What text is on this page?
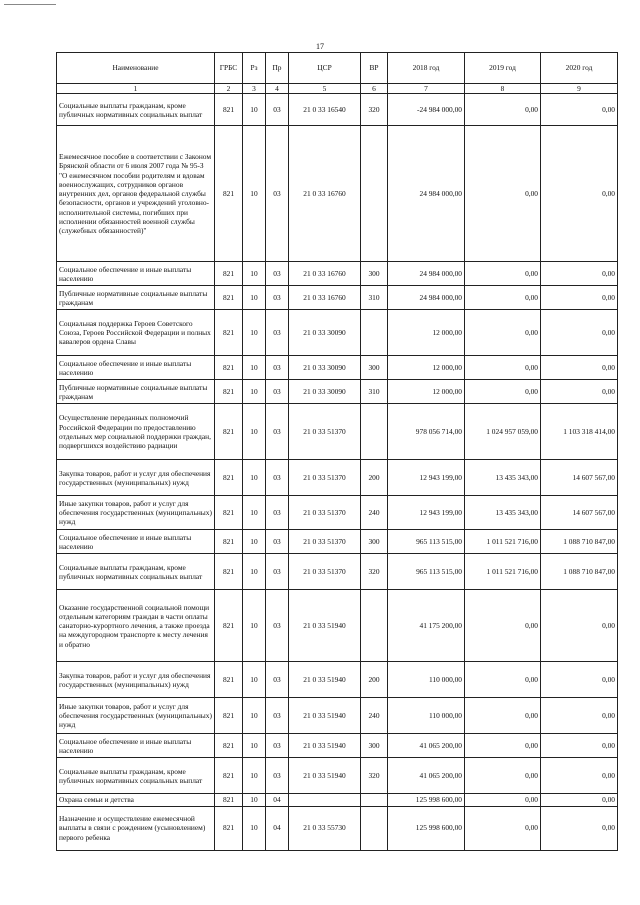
17
Наименование	ГРБС	Рз	Пр	ЦСР	ВР	2018 год	2019 год	2020 год
1	2	3	4	5	6	7	8	9
Социальные выплаты гражданам, кроме публичных нормативных социальных выплат	821	10	03	21 0 33 16540	320	-24 984 000,00	0,00	0,00
Ежемесячное пособие в соответствии с Законом Брянской области от 6 июля 2007 года № 95-З "О ежемесячном пособии родителям и вдовам военнослужащих, сотрудников органов внутренних дел, органов федеральной службы безопасности, органов и учреждений уголовно-исполнительной системы, погибших при исполнении обязанностей военной службы (служебных обязанностей)"	821	10	03	21 0 33 16760		24 984 000,00	0,00	0,00
Социальное обеспечение и иные выплаты населению	821	10	03	21 0 33 16760	300	24 984 000,00	0,00	0,00
Публичные нормативные социальные выплаты гражданам	821	10	03	21 0 33 16760	310	24 984 000,00	0,00	0,00
Социальная поддержка Героев Советского Союза, Героев Российской Федерации и полных кавалеров ордена Славы	821	10	03	21 0 33 30090		12 000,00	0,00	0,00
Социальное обеспечение и иные выплаты населению	821	10	03	21 0 33 30090	300	12 000,00	0,00	0,00
Публичные нормативные социальные выплаты гражданам	821	10	03	21 0 33 30090	310	12 000,00	0,00	0,00
Осуществление переданных полномочий Российской Федерации по предоставлению отдельных мер социальной поддержки граждан, подвергшихся воздействию радиации	821	10	03	21 0 33 51370		978 056 714,00	1 024 957 059,00	1 103 318 414,00
Закупка товаров, работ и услуг для обеспечения государственных (муниципальных) нужд	821	10	03	21 0 33 51370	200	12 943 199,00	13 435 343,00	14 607 567,00
Иные закупки товаров, работ и услуг для обеспечения государственных (муниципальных) нужд	821	10	03	21 0 33 51370	240	12 943 199,00	13 435 343,00	14 607 567,00
Социальное обеспечение и иные выплаты населению	821	10	03	21 0 33 51370	300	965 113 515,00	1 011 521 716,00	1 088 710 847,00
Социальные выплаты гражданам, кроме публичных нормативных социальных выплат	821	10	03	21 0 33 51370	320	965 113 515,00	1 011 521 716,00	1 088 710 847,00
Оказание государственной социальной помощи отдельным категориям граждан в части оплаты санаторно-курортного лечения, а также проезда на междугородном транспорте к месту лечения и обратно	821	10	03	21 0 33 51940		41 175 200,00	0,00	0,00
Закупка товаров, работ и услуг для обеспечения государственных (муниципальных) нужд	821	10	03	21 0 33 51940	200	110 000,00	0,00	0,00
Иные закупки товаров, работ и услуг для обеспечения государственных (муниципальных) нужд	821	10	03	21 0 33 51940	240	110 000,00	0,00	0,00
Социальное обеспечение и иные выплаты населению	821	10	03	21 0 33 51940	300	41 065 200,00	0,00	0,00
Социальные выплаты гражданам, кроме публичных нормативных социальных выплат	821	10	03	21 0 33 51940	320	41 065 200,00	0,00	0,00
Охрана семьи и детства	821	10	04			125 998 600,00	0,00	0,00
Назначение и осуществление ежемесячной выплаты в связи с рождением (усыновлением) первого ребенка	821	10	04	21 0 33 55730		125 998 600,00	0,00	0,00
